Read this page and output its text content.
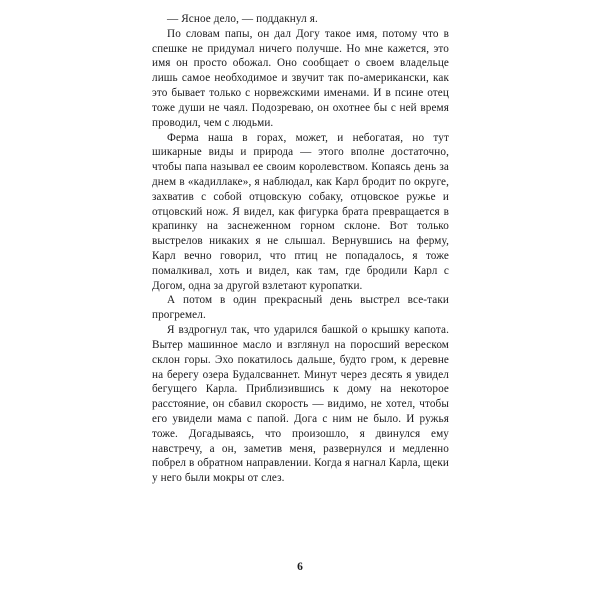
— Ясное дело, — поддакнул я.

По словам папы, он дал Догу такое имя, потому что в спешке не придумал ничего получше. Но мне кажется, это имя он просто обожал. Оно сообщает о своем владельце лишь самое необходимое и звучит так по-американски, как это бывает только с норвежскими именами. И в псине отец тоже души не чаял. Подозреваю, он охотнее бы с ней время проводил, чем с людьми.

Ферма наша в горах, может, и небогатая, но тут шикарные виды и природа — этого вполне достаточно, чтобы папа называл ее своим королевством. Копаясь день за днем в «кадиллаке», я наблюдал, как Карл бродит по округе, захватив с собой отцовскую собаку, отцовское ружье и отцовский нож. Я видел, как фигурка брата превращается в крапинку на заснеженном горном склоне. Вот только выстрелов никаких я не слышал. Вернувшись на ферму, Карл вечно говорил, что птиц не попадалось, я тоже помалкивал, хоть и видел, как там, где бродили Карл с Догом, одна за другой взлетают куропатки.

А потом в один прекрасный день выстрел все-таки прогремел.

Я вздрогнул так, что ударился башкой о крышку капота. Вытер машинное масло и взглянул на поросший вереском склон горы. Эхо покатилось дальше, будто гром, к деревне на берегу озера Будалсваннет. Минут через десять я увидел бегущего Карла. Приблизившись к дому на некоторое расстояние, он сбавил скорость — видимо, не хотел, чтобы его увидели мама с папой. Дога с ним не было. И ружья тоже. Догадываясь, что произошло, я двинулся ему навстречу, а он, заметив меня, развернулся и медленно побрел в обратном направлении. Когда я нагнал Карла, щеки у него были мокры от слез.

6
